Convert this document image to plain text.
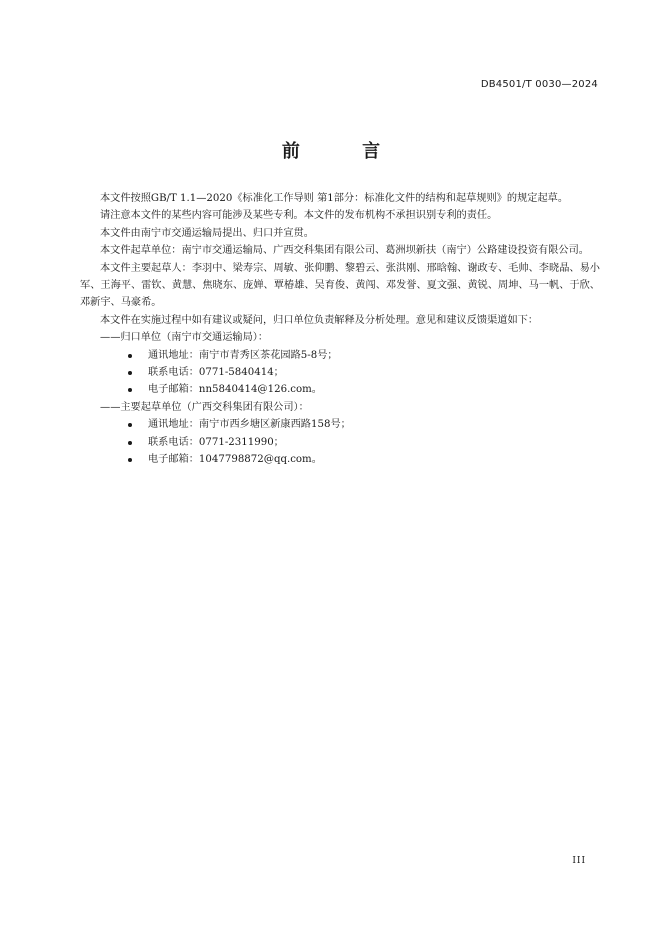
DB4501/T 0030—2024
前 言

本文件按照GB/T 1.1—2020《标准化工作导则 第1部分：标准化文件的结构和起草规则》的规定起草。

请注意本文件的某些内容可能涉及某些专利。本文件的发布机构不承担识别专利的责任。

本文件由南宁市交通运输局提出、归口并宣贯。

本文件起草单位：南宁市交通运输局、广西交科集团有限公司、葛洲坝新扶（南宁）公路建设投资有限公司。

本文件主要起草人：李羽中、梁寿宗、周敏、张仰鹏、黎碧云、张洪刚、邢晗翰、谢政专、毛帅、李晓晶、易小军、王海平、雷钦、黄慧、焦晓东、庞婵、覃椿雄、吴育俊、黄闯、邓发誉、夏文强、黄锐、周坤、马一帆、于欣、邓新宇、马豪希。

本文件在实施过程中如有建议或疑问，归口单位负责解释及分析处理。意见和建议反馈渠道如下：

——归口单位（南宁市交通运输局）：

通讯地址：南宁市青秀区茶花园路5-8号；
联系电话：0771-5840414；
电子邮箱：nn5840414@126.com。

——主要起草单位（广西交科集团有限公司）：

通讯地址：南宁市西乡塘区新康西路158号；
联系电话：0771-2311990；
电子邮箱：1047798872@qq.com。
III
